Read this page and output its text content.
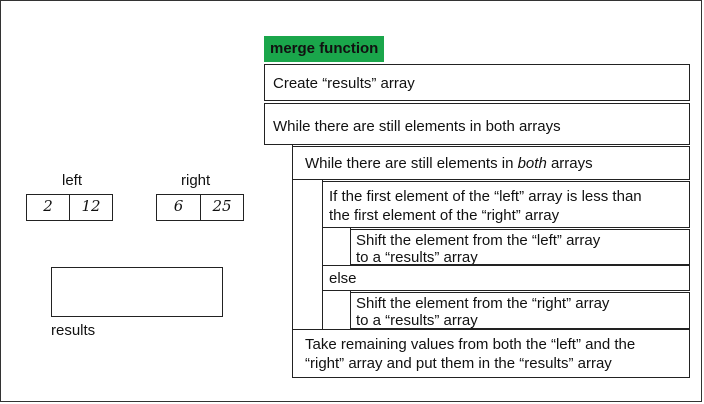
left
2	12
right
6	25
results
merge function
Create “results” array
While there are still elements in both arrays
While there are still elements in both arrays
If the first element of the “left” array is less than
the first element of the “right” array
Shift the element from the “left” array
to a “results” array
else
Shift the element from the “right” array
to a “results” array
Take remaining values from both the “left” and the
“right” array and put them in the “results” array
